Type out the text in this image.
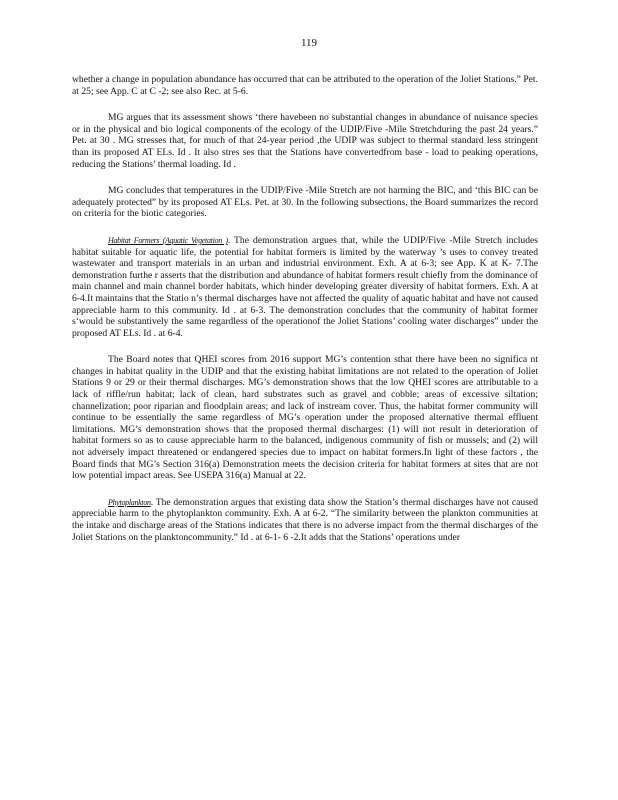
119

whether a change in population abundance has occurred that can be attributed to the operation of the Joliet Stations.” Pet. at 25; see App. C at C -2; see also Rec. at 5-6.

MG argues that its assessment shows ‘there havebeen no substantial changes in abundance of nuisance species or in the physical and bio logical components of the ecology of the UDIP/Five -Mile Stretchduring the past 24 years.” Pet. at 30 . MG stresses that, for much of that 24-year period ,the UDIP was subject to thermal standard less stringent than its proposed AT ELs. Id . It also stres ses that the Stations have convertedfrom base - load to peaking operations, reducing the Stations’ thermal loading. Id .

MG concludes that temperatures in the UDIP/Five -Mile Stretch are not harming the BIC, and ‘this BIC can be adequately protected” by its proposed AT ELs. Pet. at 30. In the following subsections, the Board summarizes the record on criteria for the biotic categories.

Habitat Formers (Aquatic Vegetation ). The demonstration argues that, while the UDIP/Five -Mile Stretch includes habitat suitable for aquatic life, the potential for habitat formers is limited by the waterway ’s uses to convey treated wastewater and transport materials in an urban and industrial environment. Exh. A at 6-3; see App. K at K- 7.The demonstration furthe r asserts that the distribution and abundance of habitat formers result chiefly from the dominance of main channel and main channel border habitats, which hinder developing greater diversity of habitat formers. Exh. A at 6-4.It maintains that the Statio n’s thermal discharges have not affected the quality of aquatic habitat and have not caused appreciable harm to this community. Id . at 6-3. The demonstration concludes that the community of habitat former s‘would be substantively the same regardless of the operationof the Joliet Stations’ cooling water discharges” under the proposed AT ELs. Id . at 6-4.

The Board notes that QHEI scores from 2016 support MG’s contention sthat there have been no significa nt changes in habitat quality in the UDIP and that the existing habitat limitations are not related to the operation of Joliet Stations 9 or 29 or their thermal discharges. MG’s demonstration shows that the low QHEI scores are attributable to a lack of riffle/run habitat; lack of clean, hard substrates such as gravel and cobble; areas of excessive siltation; channelization; poor riparian and floodplain areas; and lack of instream cover. Thus, the habitat former community will continue to be essentially the same regardless of MG’s operation under the proposed alternative thermal effluent limitations. MG’s demonstration shows that the proposed thermal discharges: (1) will not result in deterioration of habitat formers so as to cause appreciable harm to the balanced, indigenous community of fish or mussels; and (2) will not adversely impact threatened or endangered species due to impact on habitat formers.In light of these factors , the Board finds that MG’s Section 316(a) Demonstration meets the decision criteria for habitat formers at sites that are not low potential impact areas. See USEPA 316(a) Manual at 22.

Phytoplankton. The demonstration argues that existing data show the Station’s thermal discharges have not caused appreciable harm to the phytoplankton community. Exh. A at 6-2. “The similarity between the plankton communities at the intake and discharge areas of the Stations indicates that there is no adverse impact from the thermal discharges of the Joliet Stations on the planktoncommunity.” Id . at 6-1- 6 -2.It adds that the Stations’ operations under
